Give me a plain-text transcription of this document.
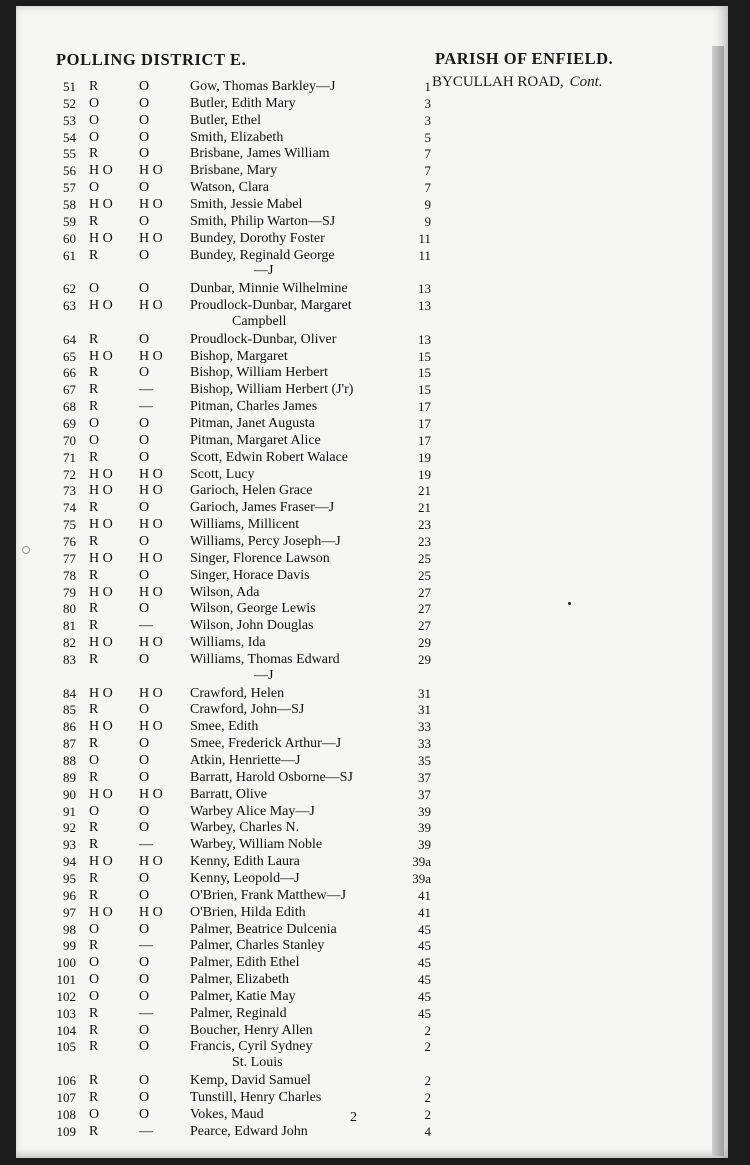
POLLING DISTRICT E.	PARISH OF ENFIELD.
BYCULLAH ROAD, Cont.
51 R	O	Gow, Thomas Barkley—J	1
52 O	O	Butler, Edith Mary	3
53 O	O	Butler, Ethel	3
54 O	O	Smith, Elizabeth	5
55 R	O	Brisbane, James William	7
56 H O	H O	Brisbane, Mary	7
57 O	O	Watson, Clara	7
58 H O	H O	Smith, Jessie Mabel	9
59 R	O	Smith, Philip Warton—SJ	9
60 H O	H O	Bundey, Dorothy Foster	11
61 R	O	Bundey, Reginald George	11
—J
62 O	O	Dunbar, Minnie Wilhelmine	13
63 H O	H O	Proudlock-Dunbar, Margaret	13
Campbell
64 R	O	Proudlock-Dunbar, Oliver	13
65 H O	H O	Bishop, Margaret	15
66 R	O	Bishop, William Herbert	15
67 R	—	Bishop, William Herbert (J'r)	15
68 R	—	Pitman, Charles James	17
69 O	O	Pitman, Janet Augusta	17
70 O	O	Pitman, Margaret Alice	17
71 R	O	Scott, Edwin Robert Walace	19
72 H O	H O	Scott, Lucy	19
73 H O	H O	Garioch, Helen Grace	21
74 R	O	Garioch, James Fraser—J	21
75 H O	H O	Williams, Millicent	23
76 R	O	Williams, Percy Joseph—J	23
77 H O	H O	Singer, Florence Lawson	25
78 R	O	Singer, Horace Davis	25
79 H O	H O	Wilson, Ada	27
80 R	O	Wilson, George Lewis	27
81 R	—	Wilson, John Douglas	27
82 H O	H O	Williams, Ida	29
83 R	O	Williams, Thomas Edward	29
—J
84 H O	H O	Crawford, Helen	31
85 R	O	Crawford, John—SJ	31
86 H O	H O	Smee, Edith	33
87 R	O	Smee, Frederick Arthur—J	33
88 O	O	Atkin, Henriette—J	35
89 R	O	Barratt, Harold Osborne—SJ	37
90 H O	H O	Barratt, Olive	37
91 O	O	Warbey Alice May—J	39
92 R	O	Warbey, Charles N.	39
93 R	—	Warbey, William Noble	39
94 H O	H O	Kenny, Edith Laura	39a
95 R	O	Kenny, Leopold—J	39a
96 R	O	O'Brien, Frank Matthew—J	41
97 H O	H O	O'Brien, Hilda Edith	41
98 O	O	Palmer, Beatrice Dulcenia	45
99 R	—	Palmer, Charles Stanley	45
100 O	O	Palmer, Edith Ethel	45
101 O	O	Palmer, Elizabeth	45
102 O	O	Palmer, Katie May	45
103 R	—	Palmer, Reginald	45
104 R	O	Boucher, Henry Allen	2
105 R	O	Francis, Cyril Sydney	2
St. Louis
106 R	O	Kemp, David Samuel	2
107 R	O	Tunstill, Henry Charles	2
108 O	O	Vokes, Maud	2
109 R	—	Pearce, Edward John	4
2
